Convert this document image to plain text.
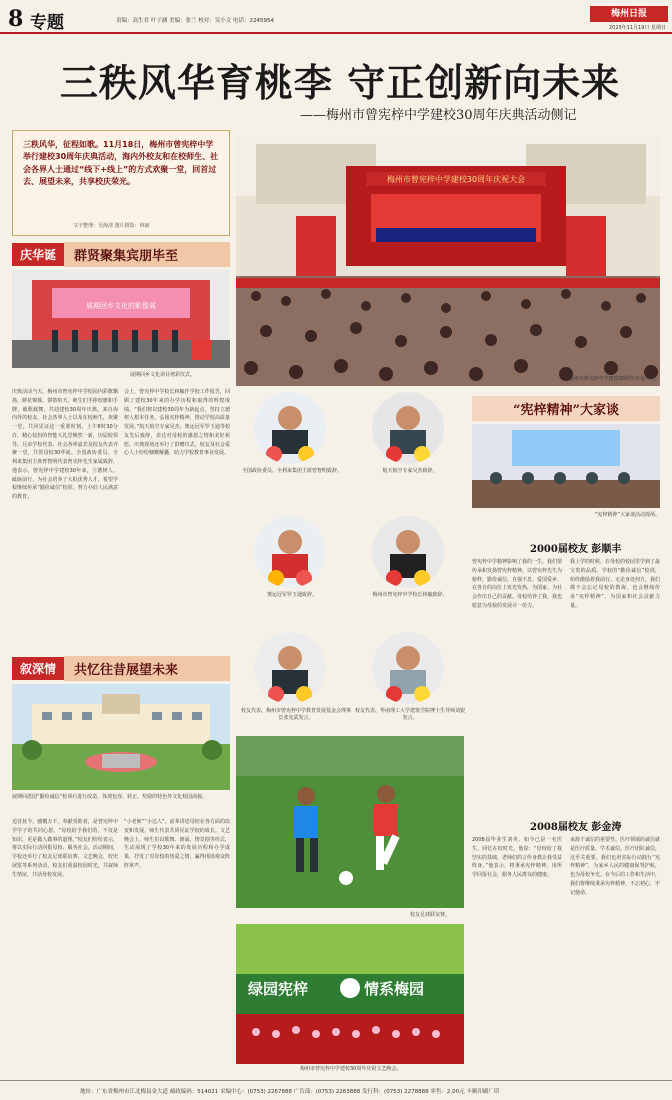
8 专题	责编：高生君 叶子涵 美编：张兰 校对：吴小文 电话：2245954
梅州日报
2023年11月19日 星期日
三秩风华育桃李 守正创新向未来
——梅州市曾宪梓中学建校30周年庆典活动侧记

三秩风华，征程如歌。11月18日，梅州市曾宪梓中学举行建校30周年庆典活动，海内外校友和在校师生、社会各界人士通过“线下+线上”的方式欢聚一堂，回首过去、展望未来，共享校庆荣光。

文字整理：吴海清 图片摄影：林丽
梅州市曾宪梓中学建校30周年庆祝大会
梅州市曾宪梓中学建校30周年庆祝大会。
庆华诞	群贤聚集宾朋毕至
展期回乡文化的影像展
展期回乡文化项目剪彩仪式。
庆典活动当天，梅州市曾宪梓中学校园内彩旗飘扬、鲜花锦簇、锣鼓喧天，师生们手捧校旗和手牌，载歌载舞，共迎建校30周年庆典。来自海内外的校友、社会各界人士以及在校师生，欢聚一堂，共同见证这一重要时刻。上午8时30分许，精心装扮的智能大礼堂焕然一新，历届校领导、兄弟学校代表、社会各界嘉宾及校友代表齐聚一堂，共贺母校30华诞。全国政协委员、全利来集团主席曾智明代表曾宪梓先生家属致辞，他表示，曾宪梓中学建校30年来，立德树人、砥砺前行，为社会培养了大批优秀人才，希望学校继续传承“勤俭诚信”校训，努力办好人民满意的教育。
会上，曾宪梓中学校长林毓作学校工作报告，回顾了建校30年来的办学历程和取得的辉煌成绩。“我们将以建校30周年为新起点，坚持立德树人根本任务，弘扬宪梓精神，推动学校高质量发展。”航天航空专家吴杰、奥运冠军罗玉通等校友先后致辞，表达对母校的感恩之情和美好祝愿。庆典现场还举行了捐赠仪式，校友及社会爱心人士纷纷慷慨解囊，助力学校教育事业发展。
叙深情	共忆往昔展望未来
展期回恩园“勤俭诚信”校训石进行改造，体现包容、转正、奖励的特色外文化校园面貌。
追昔抚今，感慨万千。奉献受助者，是曾宪梓中学学子的共同心愿。“母校给予我们的，不仅是知识，更是做人做事的道理。”校友们纷纷表示，将以实际行动回报母校、服务社会。活动期间，学校还举行了校友足球联谊赛、文艺晚会、校史展览等系列活动，校友们重温校园时光，共叙师生情谊，共话母校发展。
“小老师”“小达人”，前辈讲述母校在各方面的改变和发展，师生代表共同见证学校的成长。文艺晚会上，师生们以歌舞、朗诵、情景剧等形式，生动展现了学校30年来的发展历程和办学成果，抒发了对母校的热爱之情，赢得现场观众阵阵掌声。
全国政协委员、全利来集团主席曾智明致辞。	航天航空专家吴杰致辞。
奥运冠军罗玉通致辞。	梅州市曾宪梓中学校长林毓致辞。
校友代表、梅州市曾宪梓中学教育发展基金会理事长张宪武发言。
校友代表、华南理工大学建筑学院博士生导师刘银发言。
校友足球联谊赛。
绿园宪梓	情系梅园
梅州市曾宪梓中学建校30周年庆祝文艺晚会。
“宪梓精神”大家谈
“宪梓精神”大家谈活动现场。
2000届校友 彭顺丰
曾宪梓中学精神影响了我的一生。我们要传承和发扬曾宪梓精神，以曾宪梓先生为榜样，勤俭诚信、自强不息、爱国爱乡，在各自的岗位上发光发热，为国家、为社会作出自己的贡献。母校培养了我，我也愿意为母校的发展尽一份力。
我上学的时候，在母校的校园里学到了最宝贵的品质。学校的“勤俭诚信”校训，始终激励着我前行。无论身处何方，我们都不会忘记母校的教诲，也会继续传承“宪梓精神”，为国家和社会贡献力量。
2008届校友 彭金涛
2008届毕业生刘英，如今已是一名医生。回忆在校时光，他说：“母校给了我坚实的基础，老师们的言传身教让我受益终身。”他表示，将秉承宪梓精神，用所学回报社会，服务人民群众的健康。
来源于诚信的重要性。医疗领域的诚信就是医疗质量、学术诚信。医疗团队诚信，这至关重要。我们也用实际行动践行“宪梓精神”，为家乡人民的健康保驾护航，也为母校争光。在今后的工作和生活中，我们将继续秉承宪梓精神，不忘初心，牢记使命。
地址：广东省梅州市江北梅县金大道 邮政编码：514021 采编中心：(0753) 2267888 广告部：(0753) 2263888 发行科：(0753) 2278888 零售：2.00元 丰顺印刷厂印
